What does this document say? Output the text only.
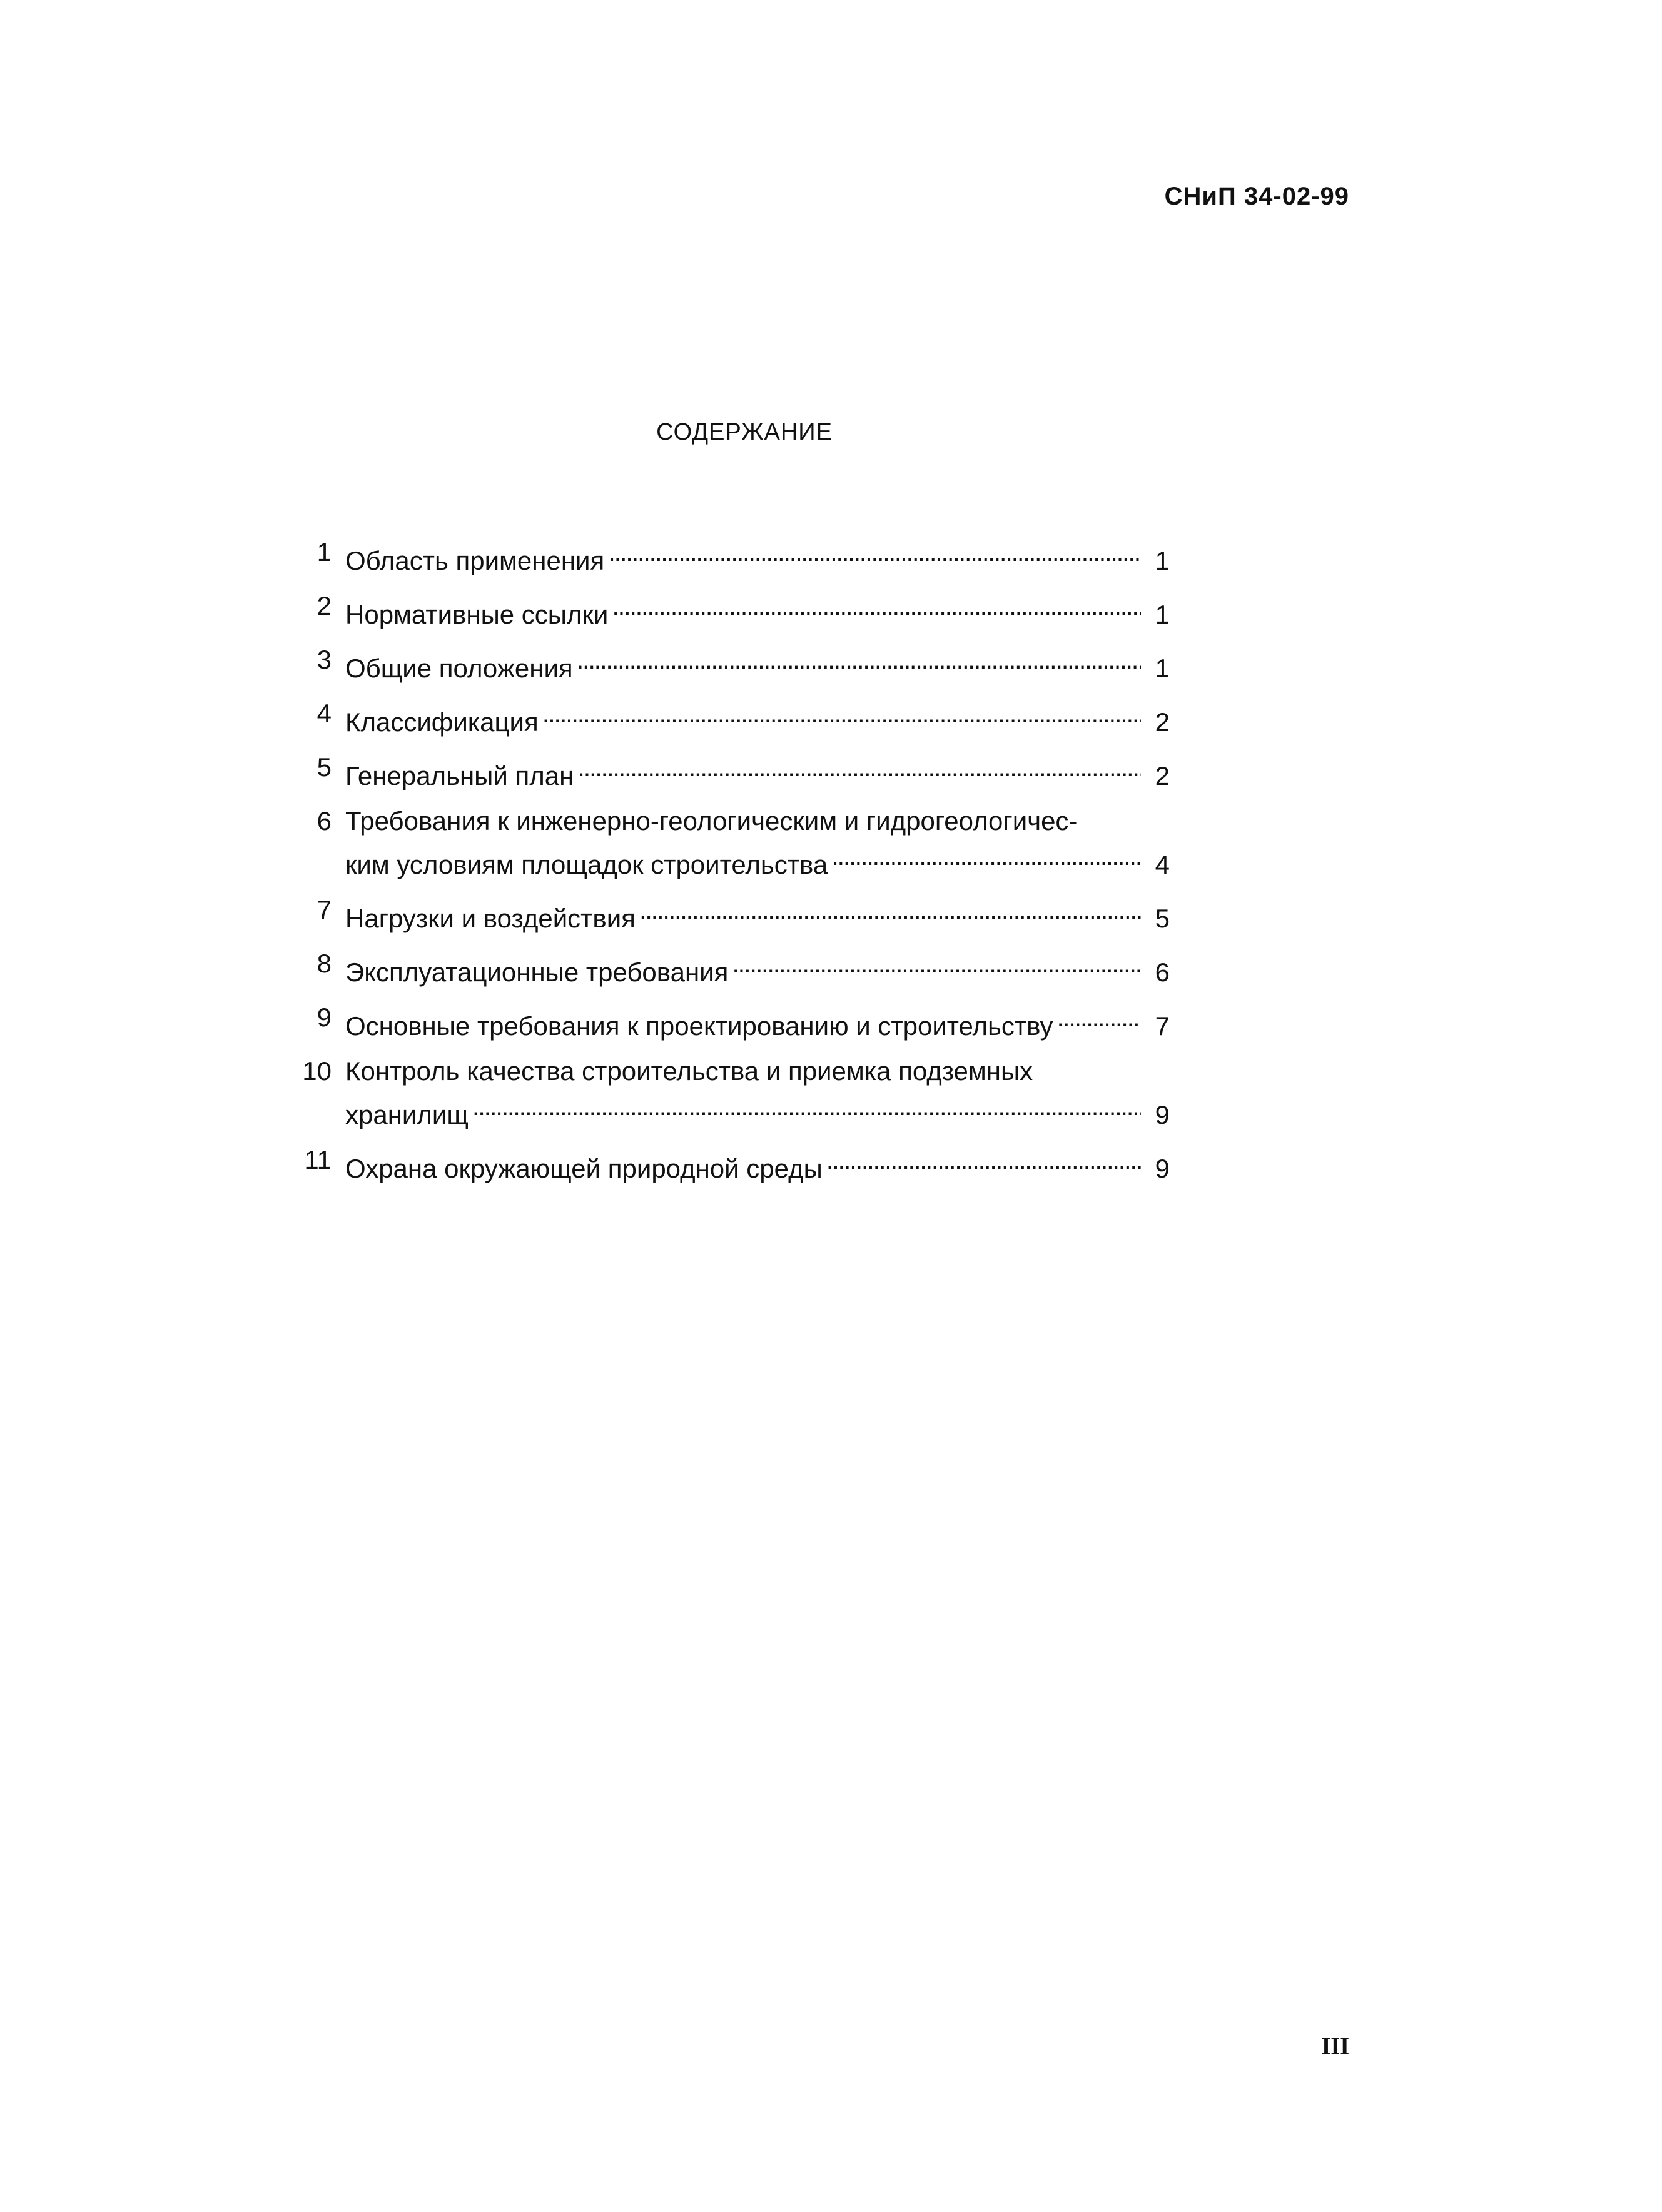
СНиП 34-02-99
СОДЕРЖАНИЕ
1 Область применения . . .	1
2 Нормативные ссылки . . .	1
3 Общие положения . . .	1
4 Классификация . . .	2
5 Генеральный план . . .	2
6 Требования к инженерно-геологическим и гидрогеологичес-
ким условиям площадок строительства . . .	4
7 Нагрузки и воздействия . . .	5
8 Эксплуатационные требования . . .	6
9 Основные требования к проектированию и строительству . . .	7
10 Контроль качества строительства и приемка подземных
хранилищ . . .	9
11 Охрана окружающей природной среды . . .	9
III
